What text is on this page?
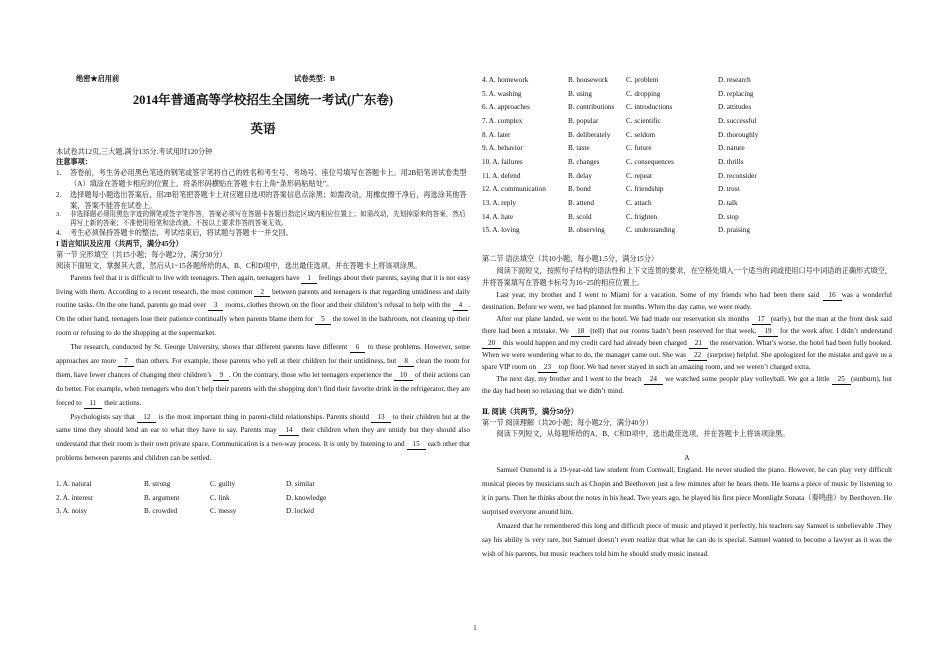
绝密★启用前	试卷类型：B
2014年普通高等学校招生全国统一考试(广东卷)
英语
本试卷共12页,三大题,满分135分.考试用时120分钟
注意事项：
1.	答卷前，考生务必用黑色笔迹的钢笔或签字笔将自己的姓名和考生号、考场号、座位号填写在答题卡上。用2B铅笔讲试卷类型（A）填涂在答题卡相应的位置上。将条形码横贴在答题卡右上角“条形码粘贴处”。
2.	选择题每小题选出答案后，用2B铅笔把答题卡上对应题目选项的答案信息点涂黑；如需改动，用橡皮擦干净后，再选涂其他答案，答案不能答在试卷上。
3.	非选择题必须用黑色字迹的钢笔或签字笔作答，答案必须写在答题卡各题目指定区域内相应位置上；如需改动，先划掉原来的答案，然后再写上新的答案；不准使用铅笔和涂改液。不按以上要求作答的答案无效。
4.	考生必须保持答题卡的整洁，考试结束后，将试题与答题卡一并交回。
I 语言知识及应用（共两节，满分45分）
第一节 完形填空（共15小题；每小题2分，满分30分）
阅读下面短文，掌握其大意，然后从1~15各题所给的A、B、C和D项中，选出最佳选项，并在答题卡上将该项涂黑。

Parents feel that it is difficult to live with teenagers. Then again, teenagers have 1 feelings about their parents, saying that it is not easy living with them. According to a recent research, the most common 2 between parents and teenagers is that regarding untidiness and daily routine tasks. On the one hand, parents go mad over 3 rooms, clothes thrown on the floor and their children’s refusal to help with the 4 . On the other hand, teenagers lose their patience continually when parents blame them for 5 the towel in the bathroom, not cleaning up their room or refusing to do the shopping at the supermarket.

The research, conducted by St. George University, shows that different parents have different 6 to these problems. However, some approaches are more 7 than others. For example, those parents who yell at their children for their untidiness, but 8 clean the room for them, have fewer chances of changing their children’s 9 . On the contrary, those who let teenagers experience the 10 of their actions can do better. For example, when teenagers who don’t help their parents with the shopping don’t find their favorite drink in the refrigerator, they are forced to 11 their actions.

Psychologists say that 12 is the most important thing in parent-child relationships. Parents should 13 to their children but at the same time they should lend an ear to what they have to say. Parents may 14 their children when they are untidy but they should also understand that their room is their own private space. Communication is a two-way process. It is only by listening to and 15 each other that problems between parents and children can be settled.

1. A. natural	B. strong	C. guilty	D. similar
2. A. interest	B. argument	C. link	D. knowledge
3. A. noisy	B. crowded	C. messy	D. locked
4. A. homework	B. housework	C. problem	D. research
5. A. washing	B. using	C. dropping	D. replacing
6. A. approaches	B. contributions	C. introductions	D. attitudes
7. A. complex	B. popular	C. scientific	D. successful
8. A. later	B. deliberately	C. seldom	D. thoroughly
9. A. behavior	B. taste	C. future	D. nature
10. A. failures	B. changes	C. consequences	D. thrills
11. A. defend	B. delay	C. repeat	D. reconsider
12. A. communication	B. bond	C. friendship	D. trust
13. A. reply	B. attend	C. attach	D. talk
14. A. hate	B. scold	C. frighten	D. stop
15. A. loving	B. observing	C. understanding	D. praising
第二节 语法填空（共10小题，每小题1.5分，满分15分）
阅读下面短文，按照句子结构的语法性和上下文连贯的要求，在空格处填入一个适当的词或使用口号中词语的正确形式填空，并将答案填写在答题卡标号为16~25的相应位置上。

Last year, my brother and I went to Miami for a vacation. Some of my friends who had been there said 16 was a wonderful destination. Before we went, we had planned for months. When the day came, we were ready.

After our plane landed, we went to the hotel. We had made our reservation six months 17 (early), but the man at the front desk said there had been a mistake. We 18 (tell) that our rooms hadn’t been reserved for that week, 19 for the week after. I didn’t understand 20 this would happen and my credit card had already been charged 21 the reservation. What’s worse, the hotel had been fully booked. When we were wondering what to do, the manager came out. She was 22 (surprise) helpful. She apologized for the mistake and gave us a spare VIP room on 23 top floor. We had never stayed in such an amazing room, and we weren’t charged extra.

The next day, my brother and I went to the beach 24 we watched some people play volleyball. We got a little 25 (sunburn), but the day had been so relaxing that we didn’t mind.

Ⅱ. 阅读（共两节，满分50分）
第一节 阅读理解（共20小题；每小题2分，满分40分）
阅读下列短文，从每题所给的A、B、C和D项中，选出最佳选项，并在答题卡上将该项涂黑。
A

Samuel Osmond is a 19-year-old law student from Cornwall, England. He never studied the piano. However, he can play very difficult musical pieces by musicians such as Chopin and Beethoven just a few minutes after he hears them. He learns a piece of music by listening to it in parts. Then he thinks about the notes in his head. Two years ago, he played his first piece Moonlight Sonata（奏鸣曲）by Beethoven. He surprised everyone around him.

Amazed that he remembered this long and difficult piece of music and played it perfectly, his teachers say Samuel is unbelievable .They say his ability is very rare, but Samuel doesn’t even realize that what he can do is special. Samuel wanted to become a lawyer as it was the wish of his parents, but music teachers told him he should study music instead.

1
